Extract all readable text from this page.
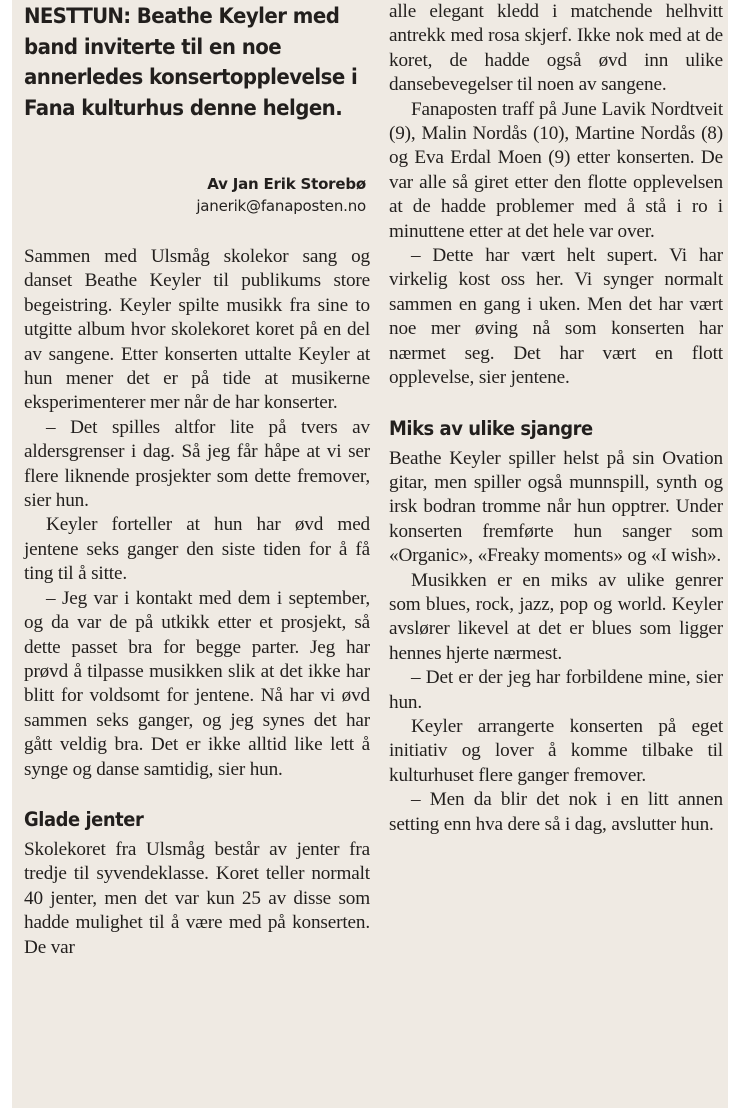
NESTTUN: Beathe Keyler med band inviterte til en noe annerledes konsertopplevelse i Fana kulturhus denne helgen.
Av Jan Erik Storebø
janerik@fanaposten.no

Sammen med Ulsmåg skolekor sang og danset Beathe Keyler til publikums store begeistring. Keyler spilte musikk fra sine to utgitte album hvor skolekoret koret på en del av sangene. Etter konserten uttalte Keyler at hun mener det er på tide at musikerne eksperimenterer mer når de har konserter.

– Det spilles altfor lite på tvers av aldersgrenser i dag. Så jeg får håpe at vi ser flere liknende prosjekter som dette fremover, sier hun.

Keyler forteller at hun har øvd med jentene seks ganger den siste tiden for å få ting til å sitte.

– Jeg var i kontakt med dem i september, og da var de på utkikk etter et prosjekt, så dette passet bra for begge parter. Jeg har prøvd å tilpasse musikken slik at det ikke har blitt for voldsomt for jentene. Nå har vi øvd sammen seks ganger, og jeg synes det har gått veldig bra. Det er ikke alltid like lett å synge og danse samtidig, sier hun.

Glade jenter

Skolekoret fra Ulsmåg består av jenter fra tredje til syvendeklasse. Koret teller normalt 40 jenter, men det var kun 25 av disse som hadde mulighet til å være med på konserten. De var

alle elegant kledd i matchende helhvitt antrekk med rosa skjerf. Ikke nok med at de koret, de hadde også øvd inn ulike dansebevegelser til noen av sangene.

Fanaposten traff på June Lavik Nordtveit (9), Malin Nordås (10), Martine Nordås (8) og Eva Erdal Moen (9) etter konserten. De var alle så giret etter den flotte opplevelsen at de hadde problemer med å stå i ro i minuttene etter at det hele var over.

– Dette har vært helt supert. Vi har virkelig kost oss her. Vi synger normalt sammen en gang i uken. Men det har vært noe mer øving nå som konserten har nærmet seg. Det har vært en flott opplevelse, sier jentene.

Miks av ulike sjangre

Beathe Keyler spiller helst på sin Ovation gitar, men spiller også munnspill, synth og irsk bodran tromme når hun opptrer. Under konserten fremførte hun sanger som «Organic», «Freaky moments» og «I wish».

Musikken er en miks av ulike genrer som blues, rock, jazz, pop og world. Keyler avslører likevel at det er blues som ligger hennes hjerte nærmest.

– Det er der jeg har forbildene mine, sier hun.

Keyler arrangerte konserten på eget initiativ og lover å komme tilbake til kulturhuset flere ganger fremover.

– Men da blir det nok i en litt annen setting enn hva dere så i dag, avslutter hun.
